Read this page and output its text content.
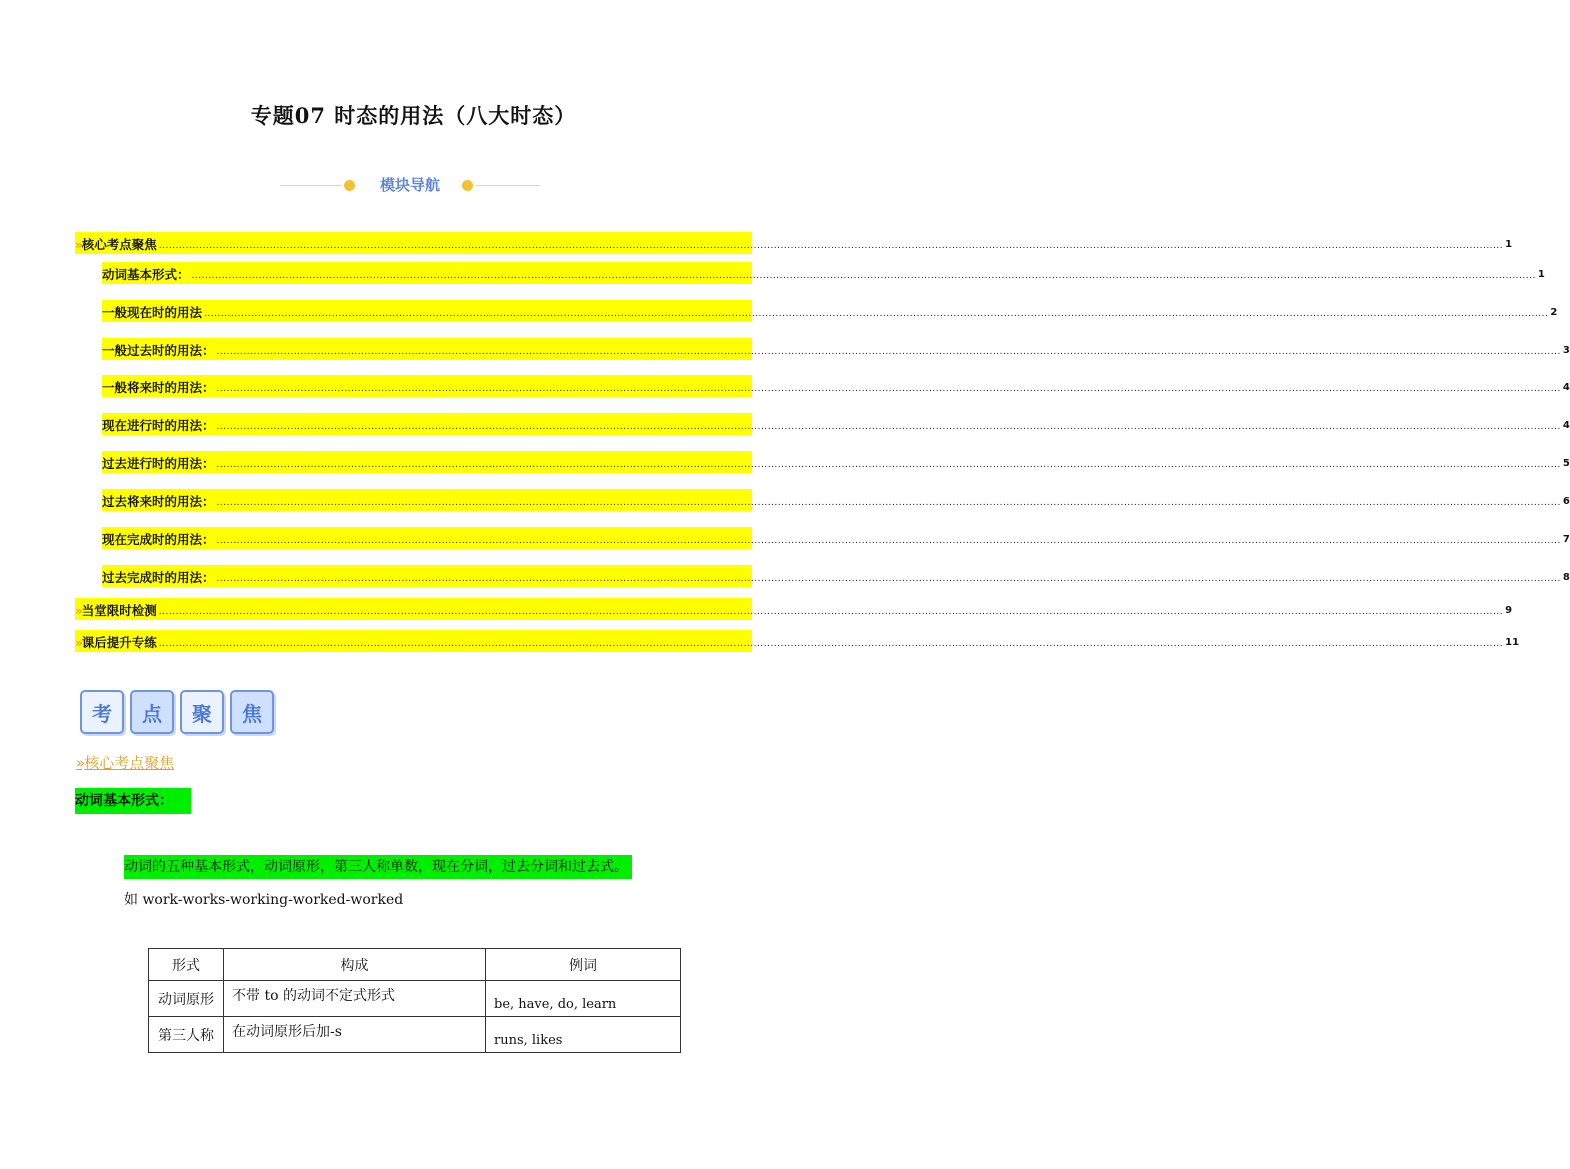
专题07 时态的用法（八大时态）
模块导航
» 核心考点聚焦 ................................................................................................................................................................................................................................................................................................................................................................................................................ 1
动词基本形式： ................................................................................................................................................................................................................................................................................................................................................................................................................ 1
一般现在时的用法 ................................................................................................................................................................................................................................................................................................................................................................................................................ 2
一般过去时的用法： ................................................................................................................................................................................................................................................................................................................................................................................................................ 3
一般将来时的用法： ................................................................................................................................................................................................................................................................................................................................................................................................................ 4
现在进行时的用法： ................................................................................................................................................................................................................................................................................................................................................................................................................ 4
过去进行时的用法： ................................................................................................................................................................................................................................................................................................................................................................................................................ 5
过去将来时的用法： ................................................................................................................................................................................................................................................................................................................................................................................................................ 6
现在完成时的用法： ................................................................................................................................................................................................................................................................................................................................................................................................................ 7
过去完成时的用法： ................................................................................................................................................................................................................................................................................................................................................................................................................ 8
» 当堂限时检测 ................................................................................................................................................................................................................................................................................................................................................................................................................ 9
» 课后提升专练 ................................................................................................................................................................................................................................................................................................................................................................................................................ 11
考	点	聚	焦
» 核心考点聚焦
动词基本形式：
动词的五种基本形式，动词原形，第三人称单数，现在分词，过去分词和过去式。
如 work-works-working-worked-worked
形式	构成	例词
动词原形	不带 to 的动词不定式形式	be, have, do, learn
第三人称	在动词原形后加-s	runs, likes
